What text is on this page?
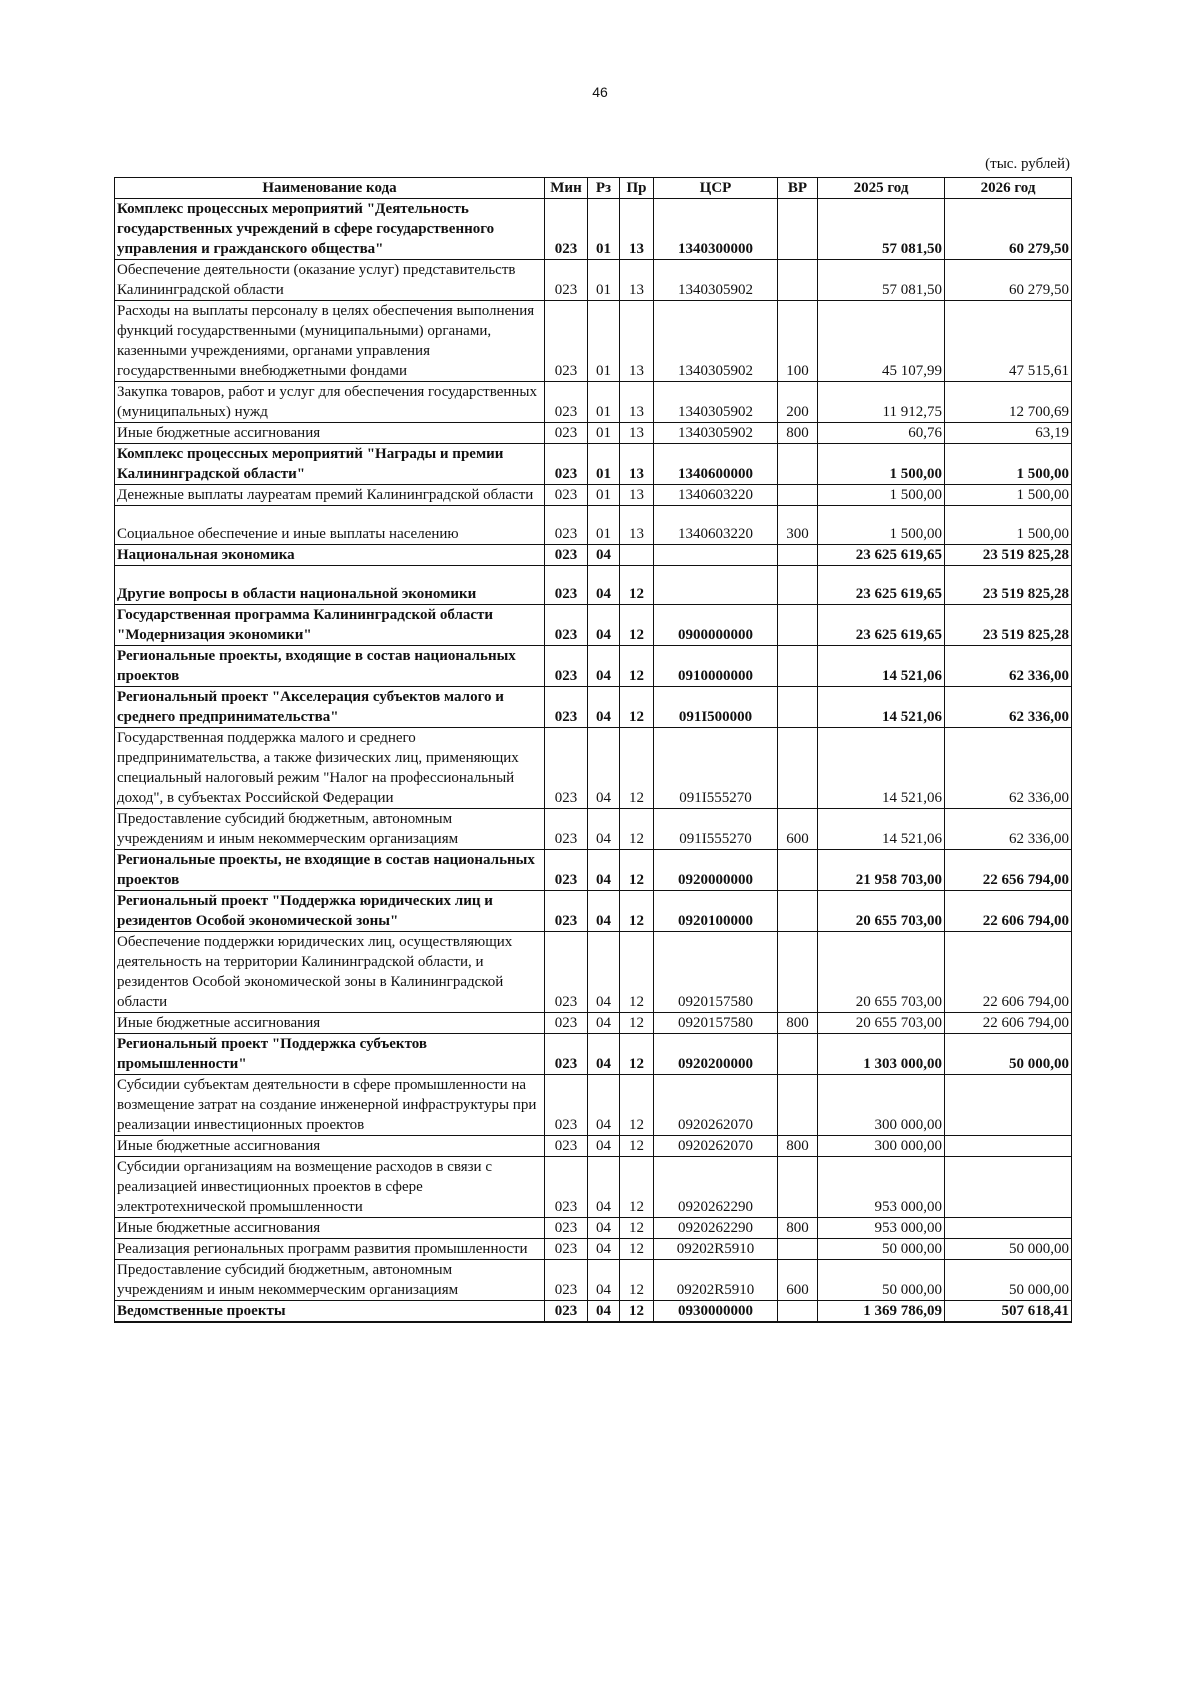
46
(тыс. рублей)
Наименование кода	Мин	Рз	Пр	ЦСР	ВР	2025 год	2026 год
Комплекс процессных мероприятий "Деятельность государственных учреждений в сфере государственного управления и гражданского общества"	023	01	13	1340300000		57 081,50	60 279,50
Обеспечение деятельности (оказание услуг) представительств Калининградской области	023	01	13	1340305902		57 081,50	60 279,50
Расходы на выплаты персоналу в целях обеспечения выполнения функций государственными (муниципальными) органами, казенными учреждениями, органами управления государственными внебюджетными фондами	023	01	13	1340305902	100	45 107,99	47 515,61
Закупка товаров, работ и услуг для обеспечения государственных (муниципальных) нужд	023	01	13	1340305902	200	11 912,75	12 700,69
Иные бюджетные ассигнования	023	01	13	1340305902	800	60,76	63,19
Комплекс процессных мероприятий "Награды и премии Калининградской области"	023	01	13	1340600000		1 500,00	1 500,00
Денежные выплаты лауреатам премий Калининградской области	023	01	13	1340603220		1 500,00	1 500,00
Социальное обеспечение и иные выплаты населению	023	01	13	1340603220	300	1 500,00	1 500,00
Национальная экономика	023	04				23 625 619,65	23 519 825,28
Другие вопросы в области национальной экономики	023	04	12			23 625 619,65	23 519 825,28
Государственная программа Калининградской области "Модернизация экономики"	023	04	12	0900000000		23 625 619,65	23 519 825,28
Региональные проекты, входящие в состав национальных проектов	023	04	12	0910000000		14 521,06	62 336,00
Региональный проект "Акселерация субъектов малого и среднего предпринимательства"	023	04	12	091I500000		14 521,06	62 336,00
Государственная поддержка малого и среднего предпринимательства, а также физических лиц, применяющих специальный налоговый режим "Налог на профессиональный доход", в субъектах Российской Федерации	023	04	12	091I555270		14 521,06	62 336,00
Предоставление субсидий бюджетным, автономным учреждениям и иным некоммерческим организациям	023	04	12	091I555270	600	14 521,06	62 336,00
Региональные проекты, не входящие в состав национальных проектов	023	04	12	0920000000		21 958 703,00	22 656 794,00
Региональный проект "Поддержка юридических лиц и резидентов Особой экономической зоны"	023	04	12	0920100000		20 655 703,00	22 606 794,00
Обеспечение поддержки юридических лиц, осуществляющих деятельность на территории Калининградской области, и резидентов Особой экономической зоны в Калининградской области	023	04	12	0920157580		20 655 703,00	22 606 794,00
Иные бюджетные ассигнования	023	04	12	0920157580	800	20 655 703,00	22 606 794,00
Региональный проект "Поддержка субъектов промышленности"	023	04	12	0920200000		1 303 000,00	50 000,00
Субсидии субъектам деятельности в сфере промышленности на возмещение затрат на создание инженерной инфраструктуры при реализации инвестиционных проектов	023	04	12	0920262070		300 000,00	
Иные бюджетные ассигнования	023	04	12	0920262070	800	300 000,00	
Субсидии организациям на возмещение расходов в связи с реализацией инвестиционных проектов в сфере электротехнической промышленности	023	04	12	0920262290		953 000,00	
Иные бюджетные ассигнования	023	04	12	0920262290	800	953 000,00	
Реализация региональных программ развития промышленности	023	04	12	09202R5910		50 000,00	50 000,00
Предоставление субсидий бюджетным, автономным учреждениям и иным некоммерческим организациям	023	04	12	09202R5910	600	50 000,00	50 000,00
Ведомственные проекты	023	04	12	0930000000		1 369 786,09	507 618,41
